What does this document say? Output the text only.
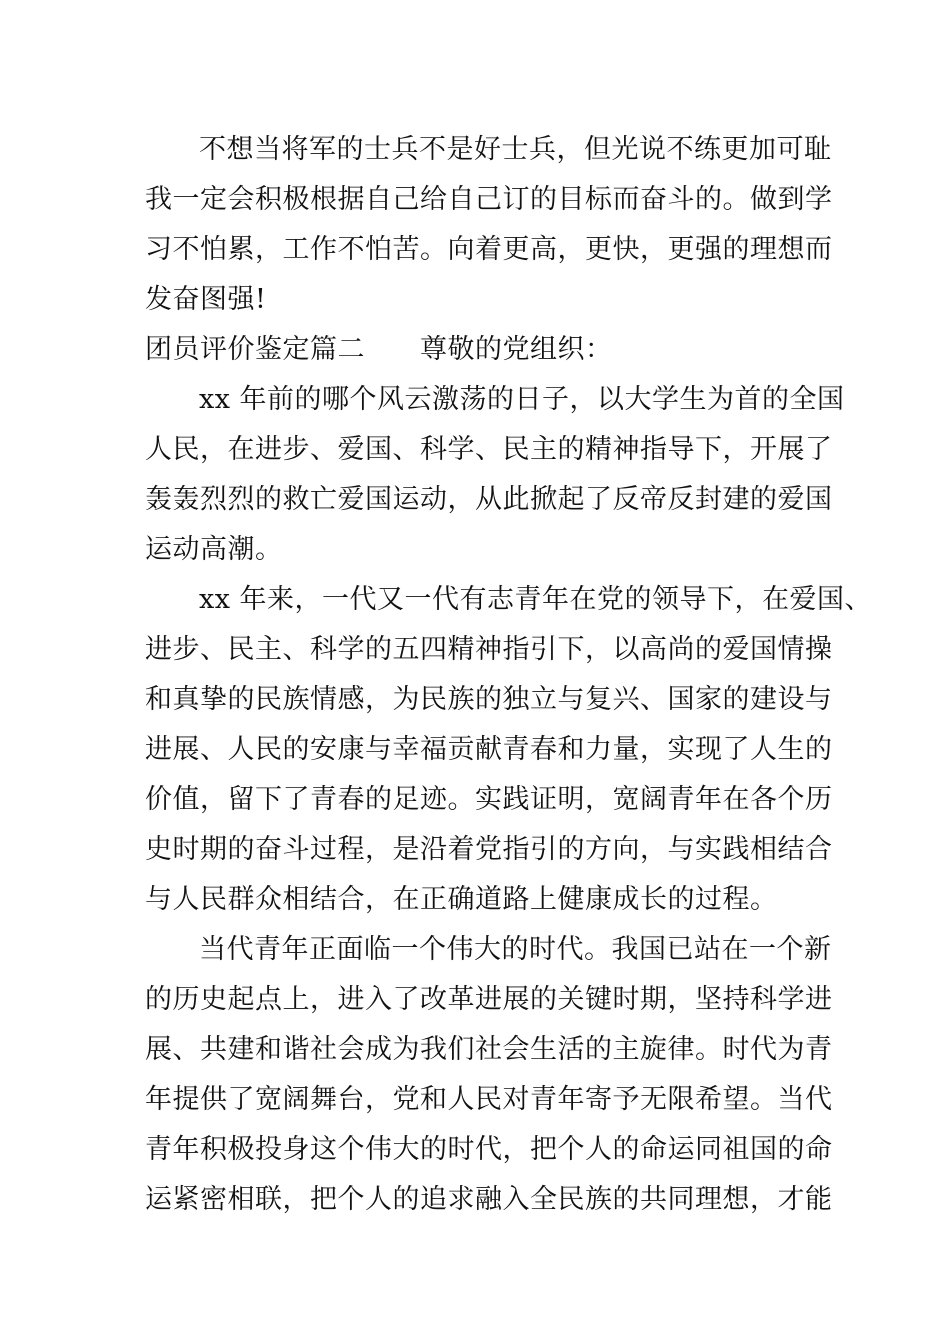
不想当将军的士兵不是好士兵，但光说不练更加可耻
我一定会积极根据自己给自己订的目标而奋斗的。做到学
习不怕累，工作不怕苦。向着更高，更快，更强的理想而
发奋图强!
团员评价鉴定篇二　　尊敬的党组织：
xx 年前的哪个风云激荡的日子，以大学生为首的全国
人民，在进步、爱国、科学、民主的精神指导下，开展了
轰轰烈烈的救亡爱国运动，从此掀起了反帝反封建的爱国
运动高潮。
xx 年来，一代又一代有志青年在党的领导下，在爱国、
进步、民主、科学的五四精神指引下，以高尚的爱国情操
和真挚的民族情感，为民族的独立与复兴、国家的建设与
进展、人民的安康与幸福贡献青春和力量，实现了人生的
价值，留下了青春的足迹。实践证明，宽阔青年在各个历
史时期的奋斗过程，是沿着党指引的方向，与实践相结合
与人民群众相结合，在正确道路上健康成长的过程。
当代青年正面临一个伟大的时代。我国已站在一个新
的历史起点上，进入了改革进展的关键时期，坚持科学进
展、共建和谐社会成为我们社会生活的主旋律。时代为青
年提供了宽阔舞台，党和人民对青年寄予无限希望。当代
青年积极投身这个伟大的时代，把个人的命运同祖国的命
运紧密相联，把个人的追求融入全民族的共同理想，才能
